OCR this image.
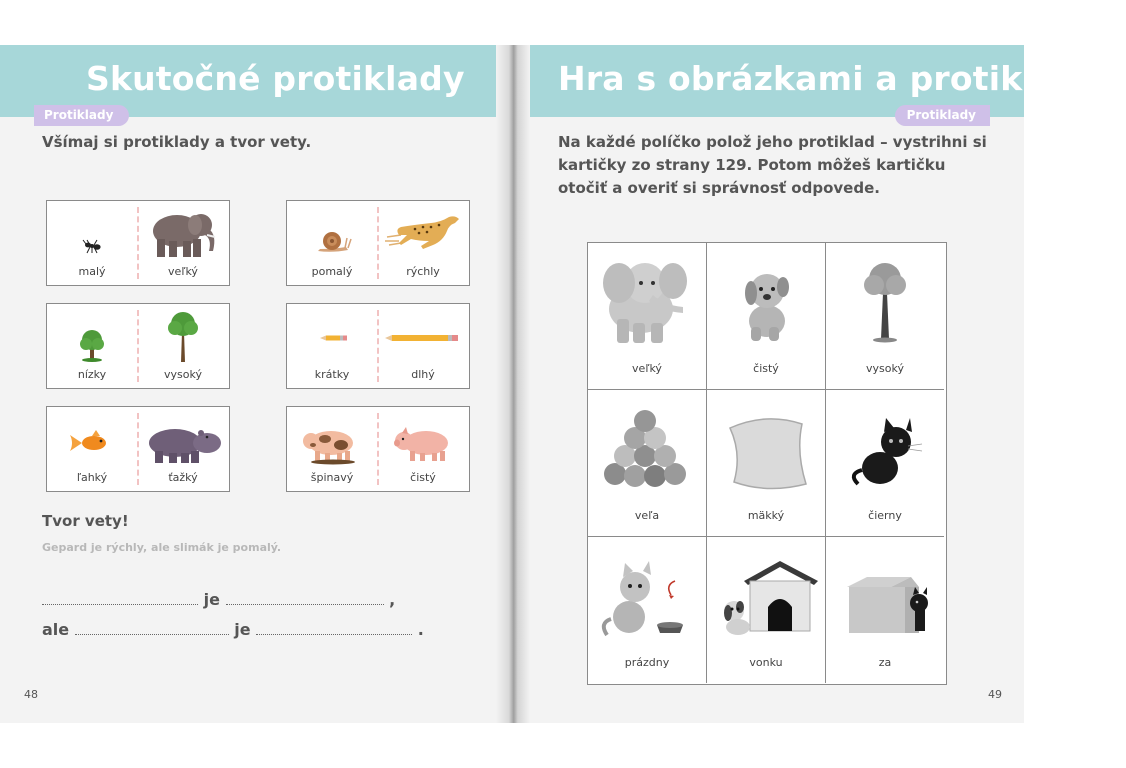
Skutočné protiklady
Protiklady
Všímaj si protiklady a tvor vety.
malý	veľký	pomalý	rýchly
nízky	vysoký	krátky	dlhý
ľahký	ťažký	špinavý	čistý
Tvor vety!
Gepard je rýchly, ale slimák je pomalý.
je	,
ale	je	.
48
Hra s obrázkami a protikladmi
Protiklady
Na každé políčko polož jeho protiklad – vystrihni si kartičky zo strany 129. Potom môžeš kartičku otočiť a overiť si správnosť odpovede.
veľký	čistý	vysoký
veľa	mäkký	čierny
prázdny	vonku	za
49
